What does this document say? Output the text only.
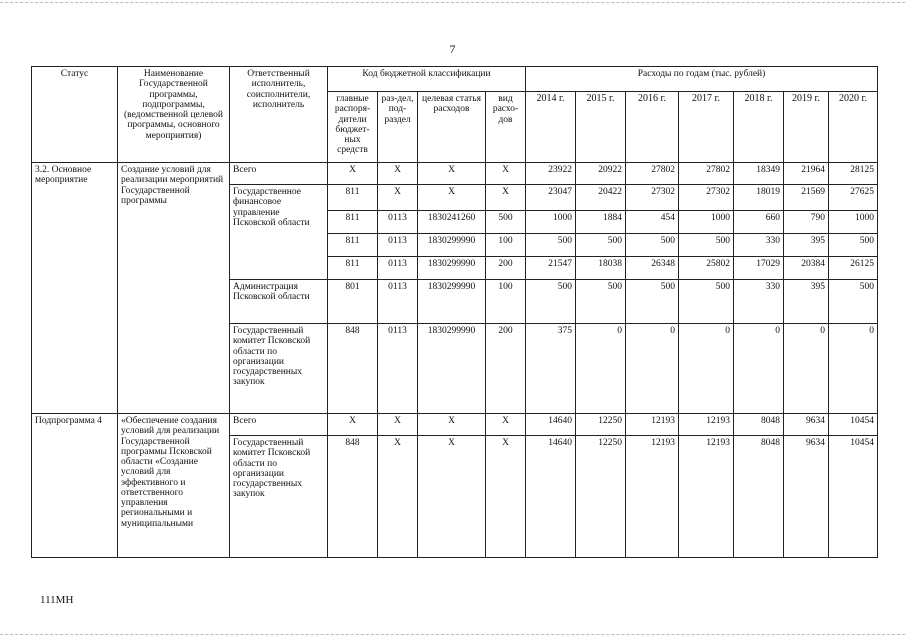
7
Статус	Наименование Государственной программы, подпрограммы, (ведомственной целевой программы, основного мероприятия)	Ответственный исполнитель, соисполнители, исполнитель	Код бюджетной классификации				Расходы по годам (тыс. рублей)						
			главные распоря-дители бюджет-ных средств	раз-дел, под-раздел	целевая статья расходов	вид расхо-дов	2014 г.	2015 г.	2016 г.	2017 г.	2018 г.	2019 г.	2020 г.
3.2. Основное мероприятие	Создание условий для реализации мероприятий Государственной программы	Всего	X	X	X	X	23922	20922	27802	27802	18349	21964	28125
		Государственное финансовое управление Псковской области	811	X	X	X	23047	20422	27302	27302	18019	21569	27625
			811	0113	1830241260	500	1000	1884	454	1000	660	790	1000
			811	0113	1830299990	100	500	500	500	500	330	395	500
			811	0113	1830299990	200	21547	18038	26348	25802	17029	20384	26125
		Администрация Псковской области	801	0113	1830299990	100	500	500	500	500	330	395	500
		Государственный комитет Псковской области по организации государственных закупок	848	0113	1830299990	200	375	0	0	0	0	0	0
Подпрограмма 4	«Обеспечение создания условий для реализации Государственной программы Псковской области «Создание условий для эффективного и ответственного управления региональными и муниципальными	Всего	X	X	X	X	14640	12250	12193	12193	8048	9634	10454
		Государственный комитет Псковской области по организации государственных закупок	848	X	X	X	14640	12250	12193	12193	8048	9634	10454
111МН
